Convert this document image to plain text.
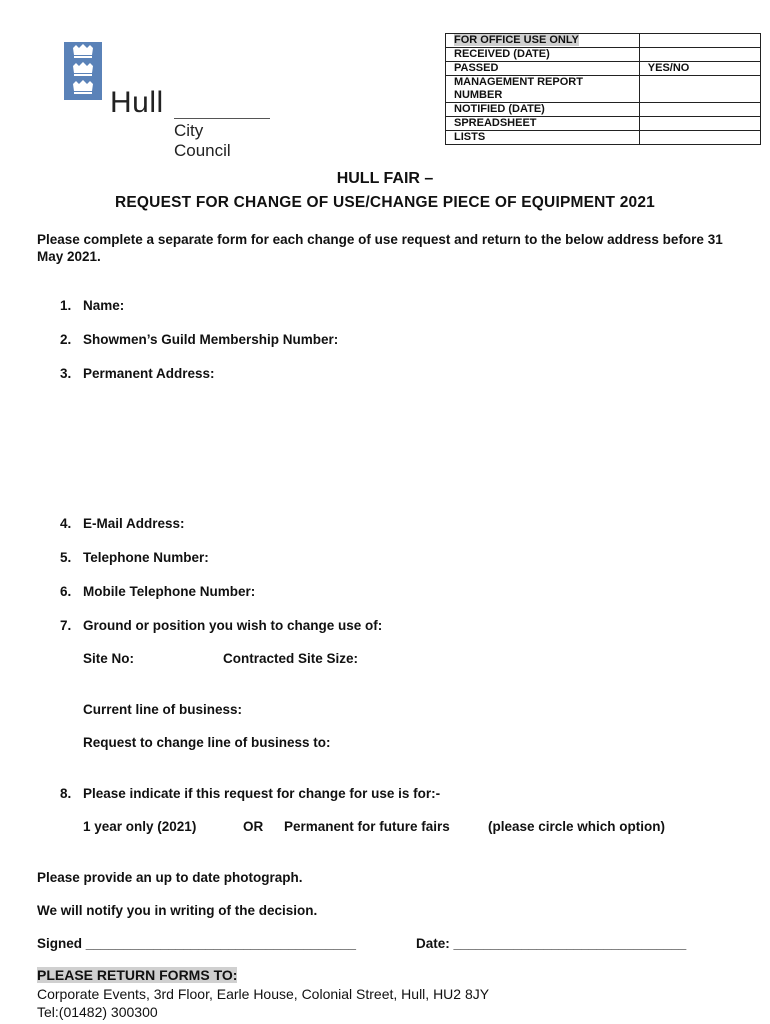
Hull
City Council
FOR OFFICE USE ONLY	
RECEIVED (DATE)	
PASSED	YES/NO
MANAGEMENT REPORT NUMBER	
NOTIFIED (DATE)	
SPREADSHEET	
LISTS	
HULL FAIR –
REQUEST FOR CHANGE OF USE/CHANGE PIECE OF EQUIPMENT 2021
Please complete a separate form for each change of use request and return to the below address before 31 May 2021.
1. Name:
2. Showmen’s Guild Membership Number:
3. Permanent Address:
4. E-Mail Address:
5. Telephone Number:
6. Mobile Telephone Number:
7. Ground or position you wish to change use of:
Site No:	Contracted Site Size:
Current line of business:
Request to change line of business to:
8. Please indicate if this request for change for use is for:-
1 year only (2021)	OR Permanent for future fairs	(please circle which option)
Please provide an up to date photograph.
We will notify you in writing of the decision.
Signed ____________________________________	Date: _______________________________
PLEASE RETURN FORMS TO:
Corporate Events, 3rd Floor, Earle House, Colonial Street, Hull, HU2 8JY
Tel:(01482) 300300
